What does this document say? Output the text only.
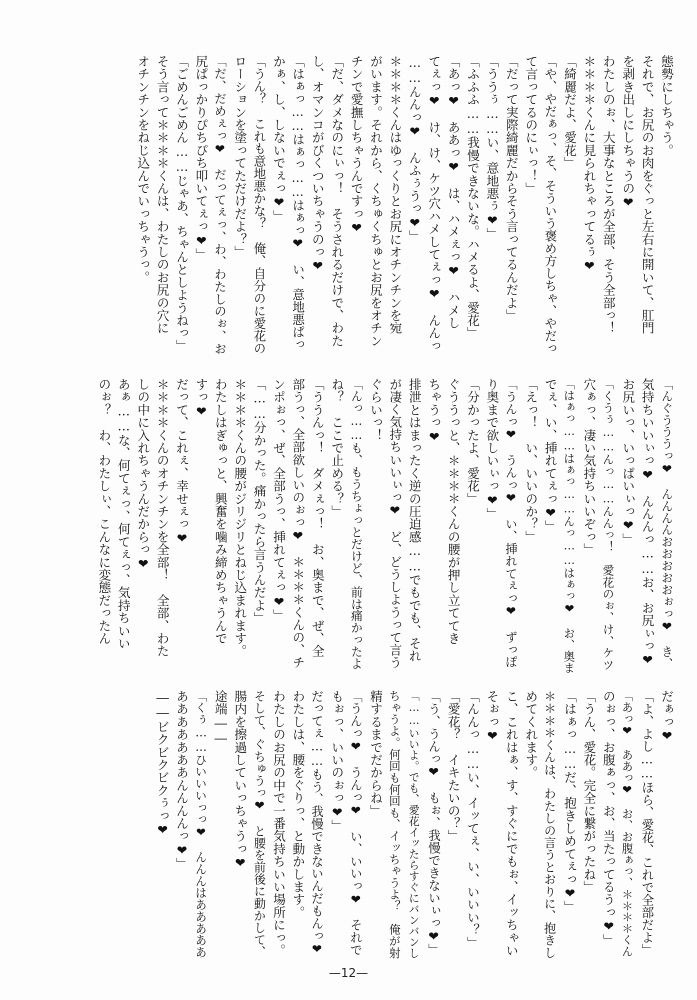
態勢にしちゃう。
それで、お尻のお肉をぐっと左右に開いて、肛門
を剥き出しにしちゃうの❤
わたしのぉ、大事なところが全部、そう全部っ！
＊＊＊＊くんに見られちゃってるぅ❤
「綺麗だよ、愛花」
「や、やだぁっ、そ、そういう褒め方しちゃ、やだっ
て言ってるのにぃっ！」
「だって実際綺麗だからそう言ってるんだよ」
「ううぅ……い、意地悪ぅ❤」
「ふふふ……我慢できないな。ハメるよ、愛花」
「あっ❤　ああっ❤　は、ハメぇっ❤　ハメし
てぇっ❤　け、け、ケツ穴ハメしてぇっ❤　んんっ
……んんっ❤　んふぅうっ❤」
＊＊＊＊くんはゆっくりとお尻にオチンチンを宛
がいます。それから、くちゅくちゅとお尻をオチン
チンで愛撫しちゃうんですっ❤
「だ、ダメなのにぃっ！　そうされるだけで、わた
し、オマンコがびくついちゃうのっ❤
「はぁっ……はぁっ……はぁっ❤　い、意地悪ぱっ
かぁ、し、しないでぇっ❤」
「うん？　これも意地悪かな？　俺、自分のに愛花の
ローションを塗ってただけだよ？」
「だ、だめぇっ❤　だってぇっ、わ、わたしのぉ、お
尻ぱっかりぴちぴち叩いてぇっ❤」
「ごめんごめん……じゃあ、ちゃんとしようねっ」
そう言って＊＊＊＊くんは、わたしのお尻の穴に
オチンチンをねじ込んでいっちゃうっ。
「んぐうううっ❤　んんんんおおおおおぉっ❤　き、
気持ちいいぃっ❤　んんんっ……お、お尻ぃっ❤
お尻いっ、いっぱいぃっ❤」
「くうぅ……んっ……んんっ！　愛花のぉ、け、ケツ
穴ぁっ、凄い気持ちいいぞっ」
「はぁっ……はぁっ……んっ……はぁっ❤　お、奥ま
でぇ、い、挿れてぇっ❤」
「えっ！　い、いいのか？」
「うんっ❤　うんっ❤　い、挿れてぇっ❤　ずっぽ
り奥まで欲しいぃっ❤」
「分かったよ、愛花」
ぐううっと、＊＊＊＊くんの腰が押し立ててき
ちゃうっ❤
排泄とはまったく逆の圧迫感……でもでも、それ
が凄く気持ちいいぃっ❤　ど、どうしようって言う
ぐらいっ！
「んっ……も、もうちょっとだけど、前は痛かったよ
ね？　ここで止める？」
「ううんっ！　ダメぇっ！　お、奥まで、ぜ、全
部うっ、全部欲しいのぉっ❤　＊＊＊＊くんの、チ
ンポぉっ、ぜ、全部うっ、挿れてぇっ❤」
「……分かった。痛かったら言うんだよ」
＊＊＊＊くんの腰がジリジリとねじ込まれます。
わたしはぎゅっと、興奮を噛み締めちゃうんで
すっ❤
だって、これぇ、幸せぇっ❤
＊＊＊＊くんのオチンチンを全部！　全部、わた
しの中に入れちゃうんだからっ❤
あぁ……な、何てぇっ、何てぇっ、気持ちいい
のぉ？　わ、わたしぃ、こんなに変態だったん
だぁっ❤
「よ、よし……ほら、愛花、これで全部だよ」
「あっ❤　ああっ❤　お、お腹ぁっ、＊＊＊＊くん
のぉっ、お腹ぁっ、お、当たってるうっ❤」
「うん、愛花。完全に繋がったね」
「はぁっ……だ、抱きしめてぇっ❤」
＊＊＊＊くんは、わたしの言うとおりに、抱きし
めてくれます。
こ、これはぁ、す、すぐにでもぉ、イッちゃい
そぉっ❤
「んんっ……い、イッてぇ、い、いいい？」
「愛花？　イキたいの？」
「う、うんっ❤　もぉ、我慢できないぃっ❤」
「……いいよ。でも、愛花イッたらすぐにバンバンし
ちゃうよ。何回も何回も、イッちゃうよ？　俺が射
精するまでだからね」
「うんっ❤　うんっ❤　い、いいっ❤　それで
もぉっ、いいのぉっ❤」
だってぇ……もう、我慢できないんだもんっ❤
わたしは、腰をぐりっ、と動かします。
わたしのお尻の中で一番気持ちいい場所にっ。
そして、ぐちゅうっ❤　と腰を前後に動かして、
腸内を擦過していっちゃうっ❤
途端――
「くぅ……ひいいいっっ❤　んんんはあああああ
あああああああんんんんっ❤」
――ビクビクビクぅっ❤
—12—
